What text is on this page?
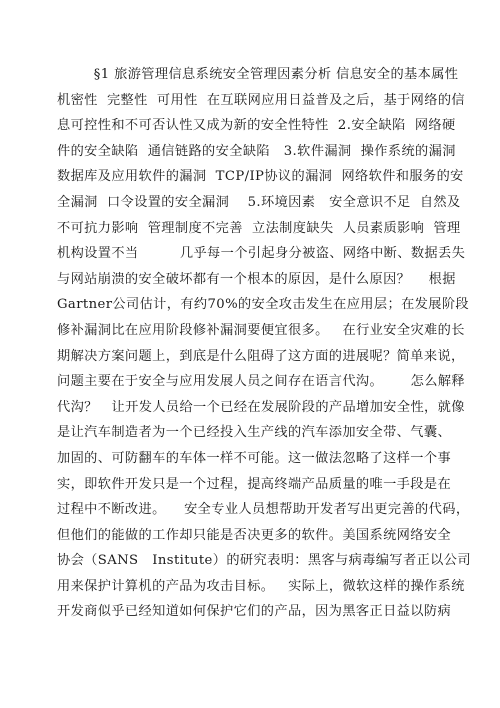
§1 旅游管理信息系统安全管理因素分析 信息安全的基本属性
机密性  完整性  可用性  在互联网应用日益普及之后，基于网络的信
息可控性和不可否认性又成为新的安全性特性  2.安全缺陷  网络硬
件的安全缺陷  通信链路的安全缺陷   3.软件漏洞  操作系统的漏洞
数据库及应用软件的漏洞  TCP/IP协议的漏洞  网络软件和服务的安
全漏洞  口令设置的安全漏洞    5.环境因素   安全意识不足  自然及
不可抗力影响  管理制度不完善  立法制度缺失  人员素质影响  管理
机构设置不当         几乎每一个引起身分被盗、网络中断、数据丢失
与网站崩溃的安全破坏都有一个根本的原因，是什么原因？    根据
Gartner公司估计，有约70%的安全攻击发生在应用层；在发展阶段
修补漏洞比在应用阶段修补漏洞要便宜很多。   在行业安全灾难的长
期解决方案问题上，到底是什么阻碍了这方面的进展呢？简单来说，
问题主要在于安全与应用发展人员之间存在语言代沟。      怎么解释
代沟？   让开发人员给一个已经在发展阶段的产品增加安全性，就像
是让汽车制造者为一个已经投入生产线的汽车添加安全带、气囊、
加固的、可防翻车的车体一样不可能。这一做法忽略了这样一个事
实，即软件开发只是一个过程，提高终端产品质量的唯一手段是在
过程中不断改进。    安全专业人员想帮助开发者写出更完善的代码，
但他们的能做的工作却只能是否决更多的软件。美国系统网络安全
协会（SANS   Institute）的研究表明：黑客与病毒编写者正以公司
用来保护计算机的产品为攻击目标。   实际上，微软这样的操作系统
开发商似乎已经知道如何保护它们的产品，因为黑客正日益以防病
